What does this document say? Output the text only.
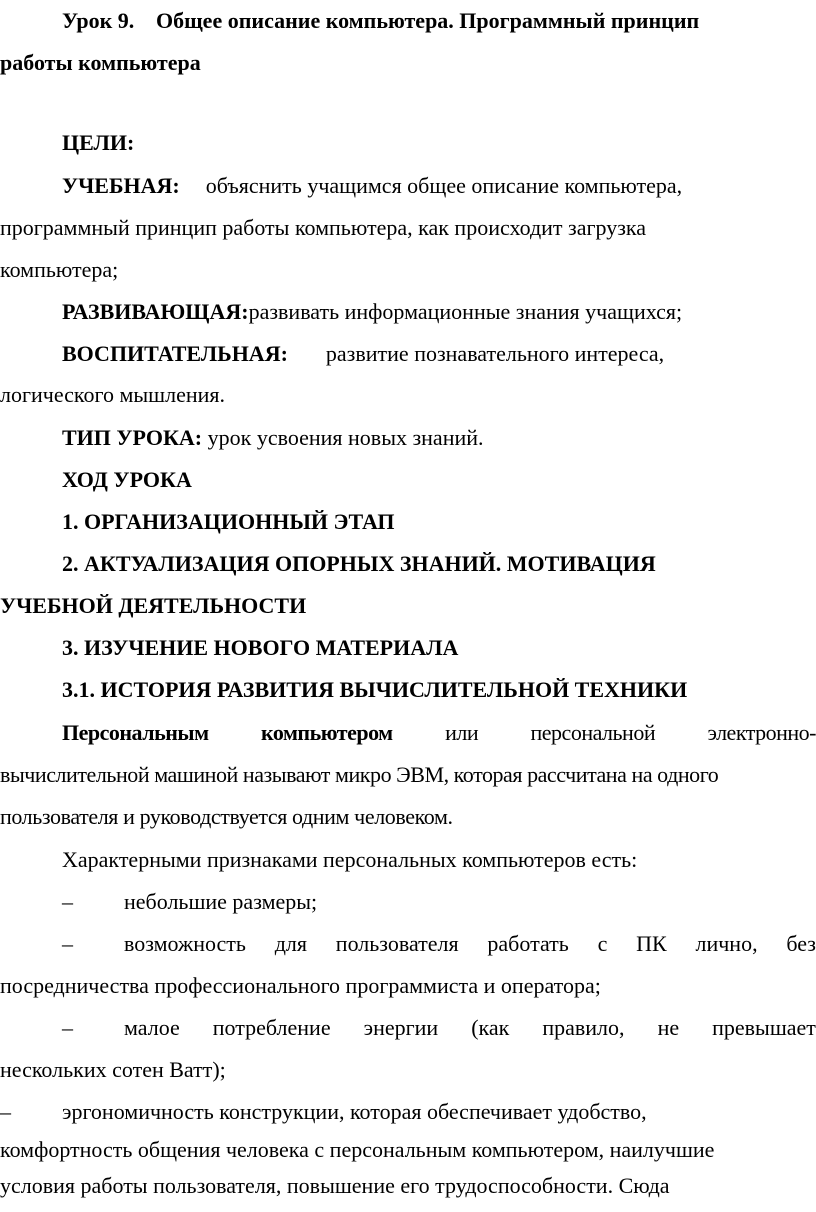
Урок 9. Общее описание компьютера. Программный принцип
работы компьютера
ЦЕЛИ:
УЧЕБНАЯ: объяснить учащимся общее описание компьютера,
программный принцип работы компьютера, как происходит загрузка
компьютера;
РАЗВИВАЮЩАЯ:развивать информационные знания учащихся;
ВОСПИТАТЕЛЬНАЯ: развитие познавательного интереса,
логического мышления.
ТИП УРОКА: урок усвоения новых знаний.
ХОД УРОКА
1. ОРГАНИЗАЦИОННЫЙ ЭТАП
2. АКТУАЛИЗАЦИЯ ОПОРНЫХ ЗНАНИЙ. МОТИВАЦИЯ
УЧЕБНОЙ ДЕЯТЕЛЬНОСТИ
3. ИЗУЧЕНИЕ НОВОГО МАТЕРИАЛА
3.1. ИСТОРИЯ РАЗВИТИЯ ВЫЧИСЛИТЕЛЬНОЙ ТЕХНИКИ
Персональным компьютером или персональной электронно-
вычислительной машиной называют микро ЭВМ, которая рассчитана на одного
пользователя и руководствуется одним человеком.
Характерными признаками персональных компьютеров есть:
– небольшие размеры;
–	возможность для пользователя работать с ПК лично, без
посредничества профессионального программиста и оператора;
–	малое потребление энергии (как правило, не превышает
нескольких сотен Ватт);
– эргономичность конструкции, которая обеспечивает удобство,
комфортность общения человека с персональным компьютером, наилучшие
условия работы пользователя, повышение его трудоспособности. Сюда
